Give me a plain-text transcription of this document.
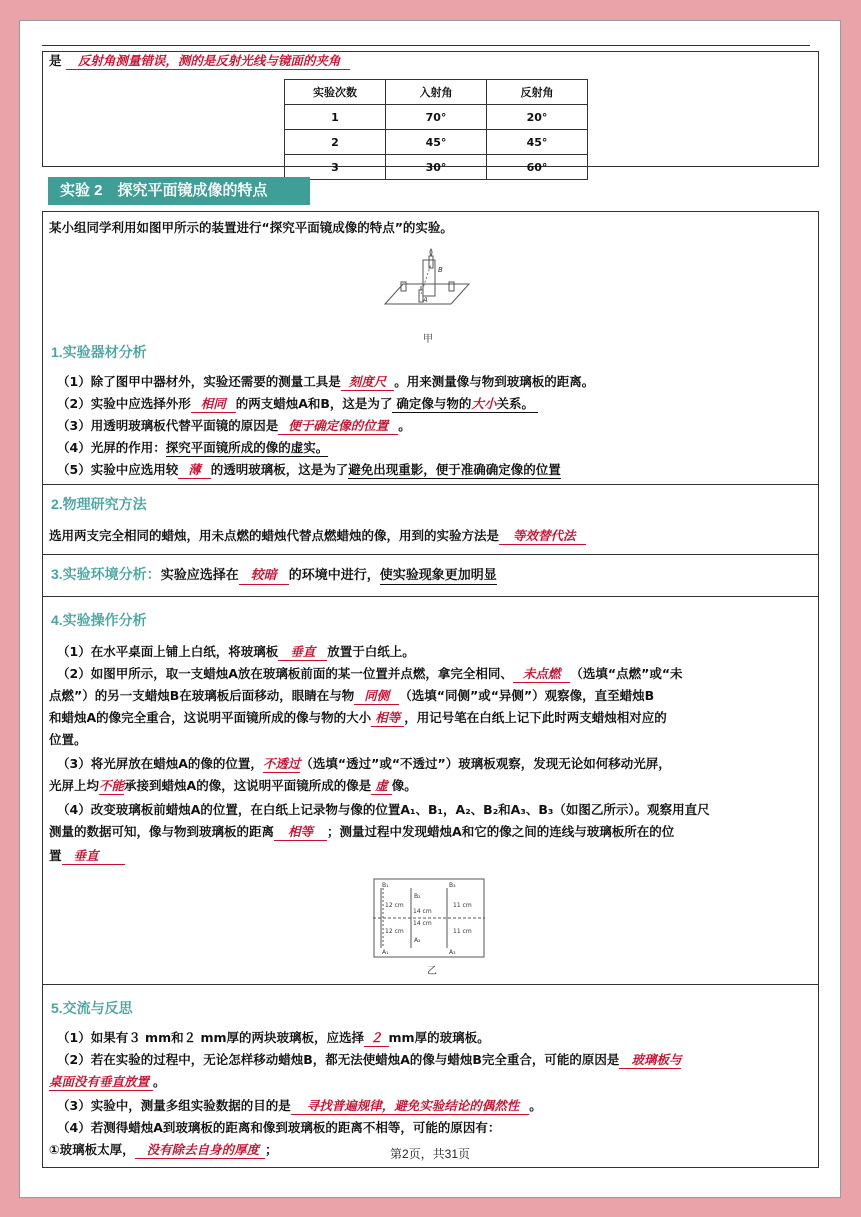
是 反射角测量错误，测的是反射光线与镜面的夹角
实验次数	入射角	反射角
1	70°	20°
2	45°	45°
3	30°	60°
实验 2　探究平面镜成像的特点
某小组同学利用如图甲所示的装置进行“探究平面镜成像的特点”的实验。
A
B
甲
1.实验器材分析
（1）除了图甲中器材外，实验还需要的测量工具是 刻度尺 。用来测量像与物到玻璃板的距离。
（2）实验中应选择外形 相同 的两支蜡烛A和B，这是为了 确定像与物的大小关系。
（3）用透明玻璃板代替平面镜的原因是 便于确定像的位置 。
（4）光屏的作用：探究平面镜所成的像的虚实。
（5）实验中应选用较 薄 的透明玻璃板，这是为了避免出现重影，便于准确确定像的位置
2.物理研究方法
选用两支完全相同的蜡烛，用未点燃的蜡烛代替点燃蜡烛的像，用到的实验方法是 等效替代法
3.实验环境分析：实验应选择在 较暗 的环境中进行，使实验现象更加明显
4.实验操作分析
（1）在水平桌面上铺上白纸，将玻璃板 垂直 放置于白纸上。
（2）如图甲所示，取一支蜡烛A放在玻璃板前面的某一位置并点燃，拿完全相同、 未点燃 （选填“点燃”或“未
点燃”）的另一支蜡烛B在玻璃板后面移动，眼睛在与物 同侧 （选填“同侧”或“异侧”）观察像，直至蜡烛B
和蜡烛A的像完全重合，这说明平面镜所成的像与物的大小 相等 ，用记号笔在白纸上记下此时两支蜡烛相对应的
位置。
（3）将光屏放在蜡烛A的像的位置，不透过（选填“透过”或“不透过”）玻璃板观察，发现无论如何移动光屏，
光屏上均不能承接到蜡烛A的像，这说明平面镜所成的像是 虚 像。
（4）改变玻璃板前蜡烛A的位置，在白纸上记录物与像的位置A₁、B₁，A₂、B₂和A₃、B₃（如图乙所示）。观察用直尺
测量的数据可知，像与物到玻璃板的距离 相等 ；测量过程中发现蜡烛A和它的像之间的连线与玻璃板所在的位
置 垂直
B₁
B₂
B₃
A₁
A₂
A₃
12 cm
14 cm
11 cm
12 cm
14 cm
11 cm
乙
5.交流与反思
（1）如果有３ mm和２ mm厚的两块玻璃板，应选择 ２ mm厚的玻璃板。
（2）若在实验的过程中，无论怎样移动蜡烛B，都无法使蜡烛A的像与蜡烛B完全重合，可能的原因是 玻璃板与
桌面没有垂直放置 。
（3）实验中，测量多组实验数据的目的是 寻找普遍规律，避免实验结论的偶然性 。
（4）若测得蜡烛A到玻璃板的距离和像到玻璃板的距离不相等，可能的原因有：
①玻璃板太厚， 没有除去自身的厚度 ；	第2页，共31页
